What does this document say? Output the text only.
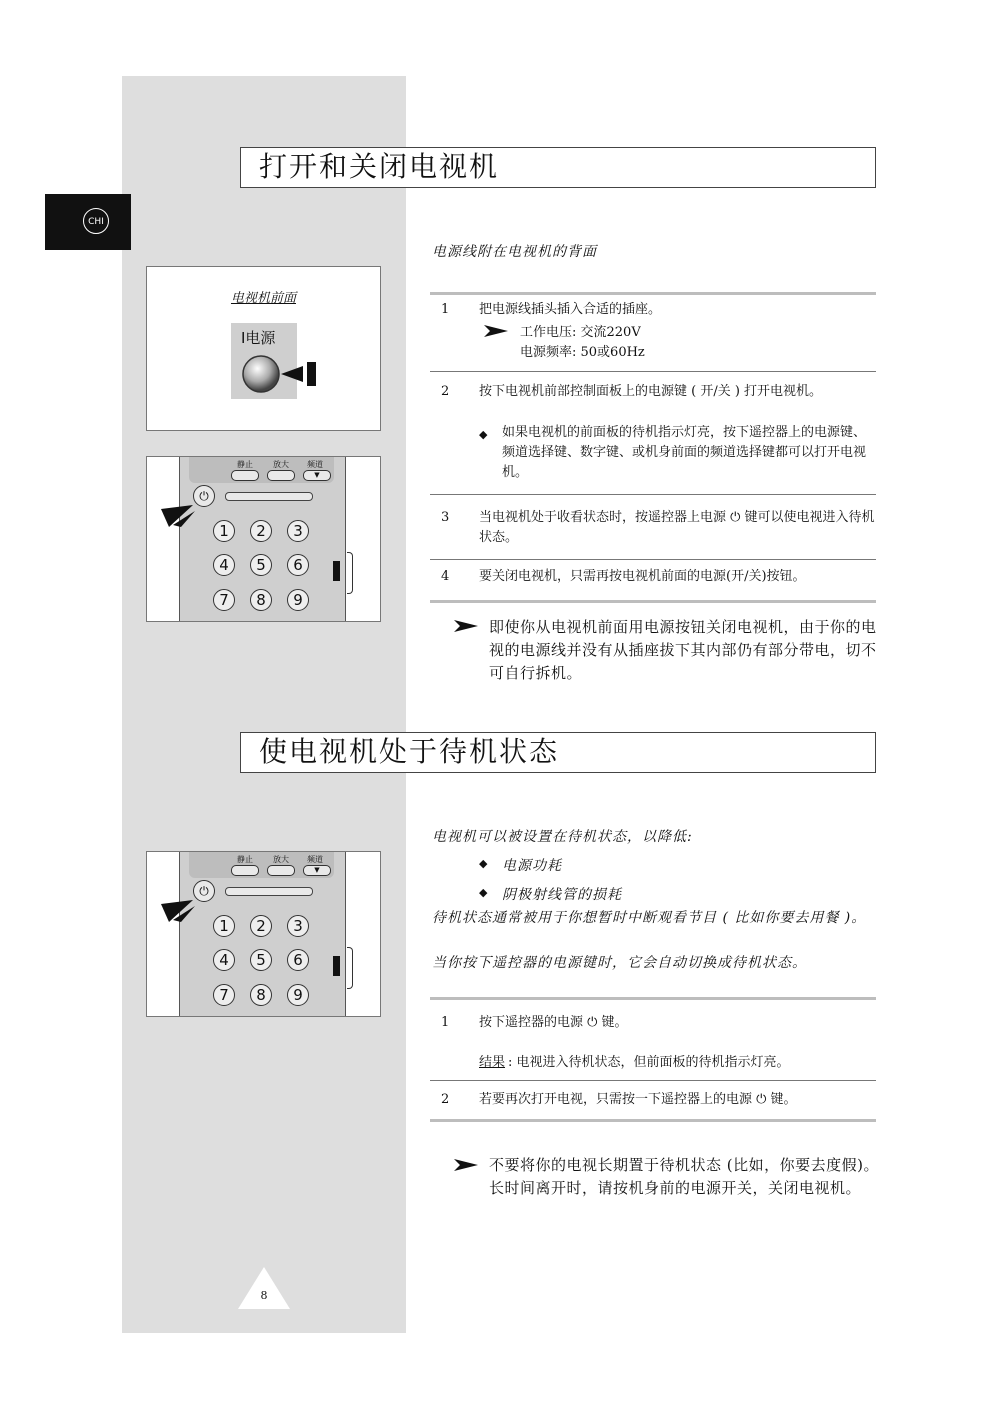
CHI
打开和关闭电视机
电源线附在电视机的背面
电视机前面
I电源
静止	放大 频道
▼
⏻
1	2	3
4	5	6
7	8	9
1 把电源线插头插入合适的插座。
工作电压: 交流220V
电源频率: 50或60Hz
2 按下电视机前部控制面板上的电源键 ( 开/关 ) 打开电视机。
◆ 如果电视机的前面板的待机指示灯亮，按下遥控器上的电源键、频道选择键、数字键、或机身前面的频道选择键都可以打开电视机。
3 当电视机处于收看状态时，按遥控器上电源 ⏻ 键可以使电视进入待机状态。
4 要关闭电视机，只需再按电视机前面的电源(开/关)按钮。
即使你从电视机前面用电源按钮关闭电视机，由于你的电视的电源线并没有从插座拔下其内部仍有部分带电，切不可自行拆机。
使电视机处于待机状态
电视机可以被设置在待机状态，以降低:
◆ 电源功耗
◆ 阴极射线管的损耗
待机状态通常被用于你想暂时中断观看节目 ( 比如你要去用餐 )。
当你按下遥控器的电源键时，它会自动切换成待机状态。
静止	放大 频道
▼
⏻
1	2	3
4	5	6
7	8	9
1 按下遥控器的电源 ⏻ 键。
结果 : 电视进入待机状态，但前面板的待机指示灯亮。
2 若要再次打开电视，只需按一下遥控器上的电源 ⏻ 键。
不要将你的电视长期置于待机状态 (比如，你要去度假)。长时间离开时，请按机身前的电源开关，关闭电视机。
8
